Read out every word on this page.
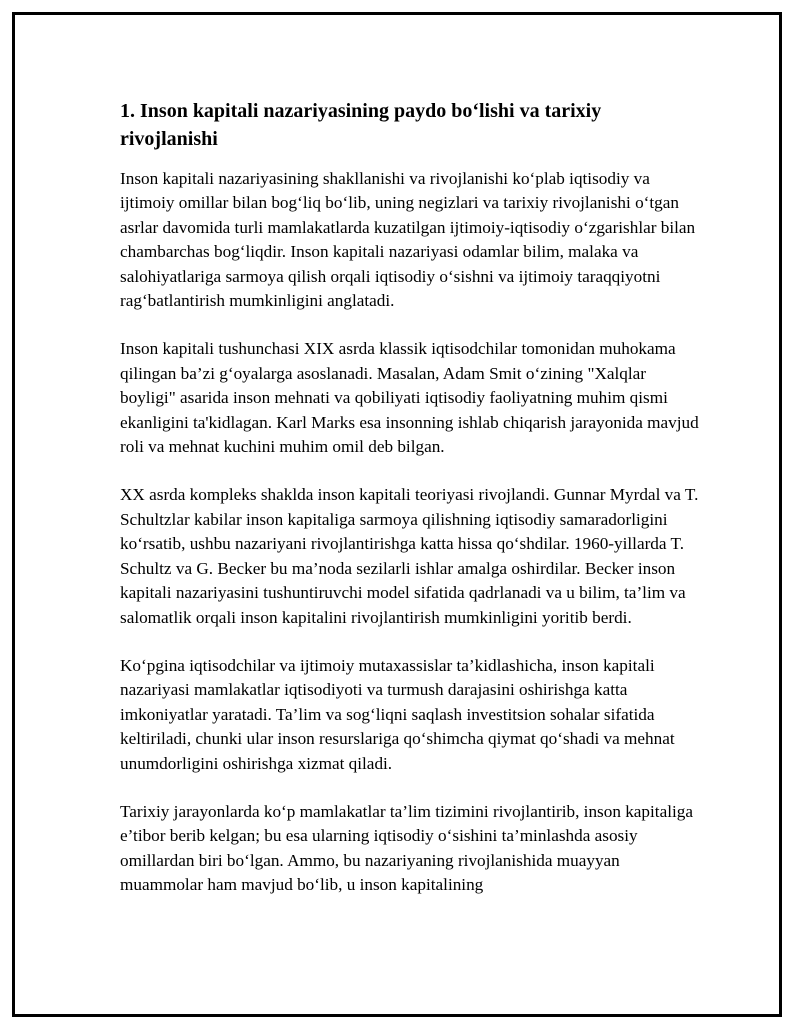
1. Inson kapitali nazariyasining paydo bo‘lishi va tarixiy rivojlanishi

Inson kapitali nazariyasining shakllanishi va rivojlanishi ko‘plab iqtisodiy va ijtimoiy omillar bilan bog‘liq bo‘lib, uning negizlari va tarixiy rivojlanishi o‘tgan asrlar davomida turli mamlakatlarda kuzatilgan ijtimoiy-iqtisodiy o‘zgarishlar bilan chambarchas bog‘liqdir. Inson kapitali nazariyasi odamlar bilim, malaka va salohiyatlariga sarmoya qilish orqali iqtisodiy o‘sishni va ijtimoiy taraqqiyotni rag‘batlantirish mumkinligini anglatadi.

Inson kapitali tushunchasi XIX asrda klassik iqtisodchilar tomonidan muhokama qilingan ba’zi g‘oyalarga asoslanadi. Masalan, Adam Smit o‘zining "Xalqlar boyligi" asarida inson mehnati va qobiliyati iqtisodiy faoliyatning muhim qismi ekanligini ta'kidlagan. Karl Marks esa insonning ishlab chiqarish jarayonida mavjud roli va mehnat kuchini muhim omil deb bilgan.

XX asrda kompleks shaklda inson kapitali teoriyasi rivojlandi. Gunnar Myrdal va T. Schultzlar kabilar inson kapitaliga sarmoya qilishning iqtisodiy samaradorligini ko‘rsatib, ushbu nazariyani rivojlantirishga katta hissa qo‘shdilar. 1960-yillarda T. Schultz va G. Becker bu ma’noda sezilarli ishlar amalga oshirdilar. Becker inson kapitali nazariyasini tushuntiruvchi model sifatida qadrlanadi va u bilim, ta’lim va salomatlik orqali inson kapitalini rivojlantirish mumkinligini yoritib berdi.

Ko‘pgina iqtisodchilar va ijtimoiy mutaxassislar ta’kidlashicha, inson kapitali nazariyasi mamlakatlar iqtisodiyoti va turmush darajasini oshirishga katta imkoniyatlar yaratadi. Ta’lim va sog‘liqni saqlash investitsion sohalar sifatida keltiriladi, chunki ular inson resurslariga qo‘shimcha qiymat qo‘shadi va mehnat unumdorligini oshirishga xizmat qiladi.

Tarixiy jarayonlarda ko‘p mamlakatlar ta’lim tizimini rivojlantirib, inson kapitaliga e’tibor berib kelgan; bu esa ularning iqtisodiy o‘sishini ta’minlashda asosiy omillardan biri bo‘lgan. Ammo, bu nazariyaning rivojlanishida muayyan muammolar ham mavjud bo‘lib, u inson kapitalining
